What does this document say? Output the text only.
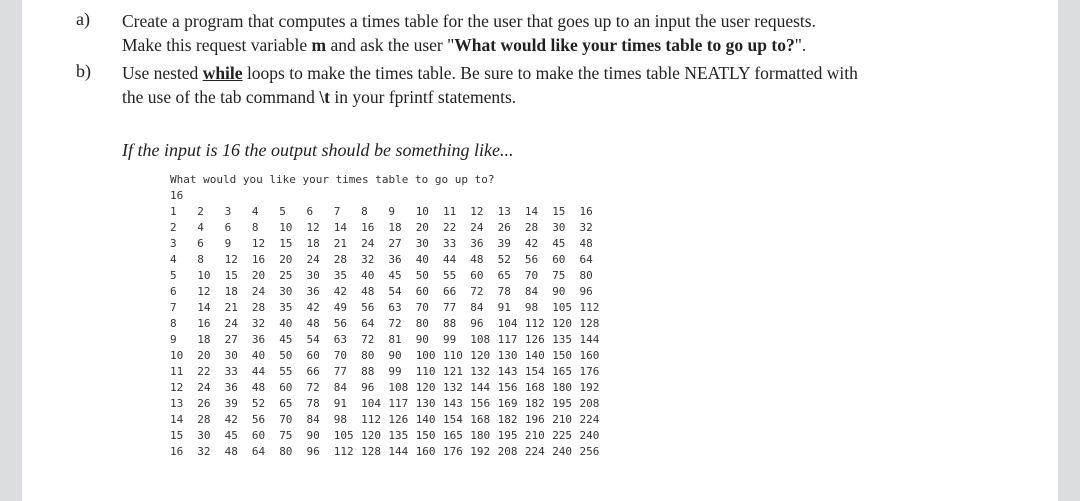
a) Create a program that computes a times table for the user that goes up to an input the user requests.
Make this request variable m and ask the user "What would like your times table to go up to?".
b) Use nested while loops to make the times table. Be sure to make the times table NEATLY formatted with
the use of the tab command \t in your fprintf statements.
If the input is 16 the output should be something like...
What would you like your times table to go up to?
16
1 2 3 4 5 6 7 8 9 10 11 12 13 14 15 16
2 4 6 8 10 12 14 16 18 20 22 24 26 28 30 32
3 6 9 12 15 18 21 24 27 30 33 36 39 42 45 48
4 8 12 16 20 24 28 32 36 40 44 48 52 56 60 64
5 10 15 20 25 30 35 40 45 50 55 60 65 70 75 80
6 12 18 24 30 36 42 48 54 60 66 72 78 84 90 96
7 14 21 28 35 42 49 56 63 70 77 84 91 98 105 112
8 16 24 32 40 48 56 64 72 80 88 96 104 112 120 128
9 18 27 36 45 54 63 72 81 90 99 108 117 126 135 144
10 20 30 40 50 60 70 80 90 100 110 120 130 140 150 160
11 22 33 44 55 66 77 88 99 110 121 132 143 154 165 176
12 24 36 48 60 72 84 96 108 120 132 144 156 168 180 192
13 26 39 52 65 78 91 104 117 130 143 156 169 182 195 208
14 28 42 56 70 84 98 112 126 140 154 168 182 196 210 224
15 30 45 60 75 90 105 120 135 150 165 180 195 210 225 240
16 32 48 64 80 96 112 128 144 160 176 192 208 224 240 256
